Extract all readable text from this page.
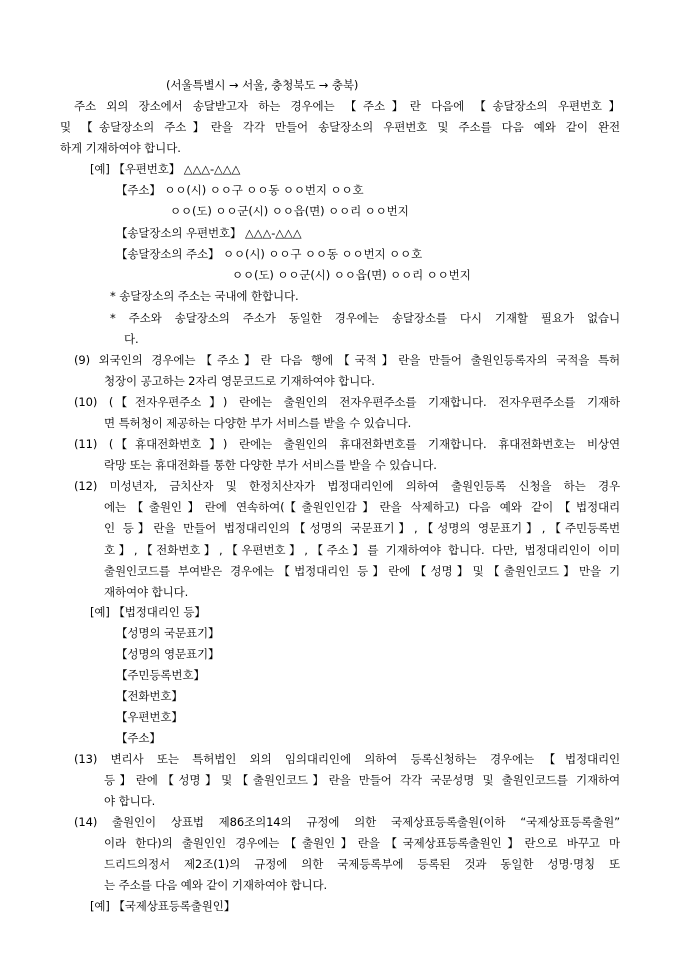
(서울특별시 → 서울, 충청북도 → 충북)
주소 외의 장소에서 송달받고자 하는 경우에는 【주소】란 다음에 【송달장소의 우편번호】
및 【송달장소의 주소】란을 각각 만들어 송달장소의 우편번호 및 주소를 다음 예와 같이 완전
하게 기재하여야 합니다.
[예] 【우편번호】 △△△-△△△
【주소】 ㅇㅇ(시) ㅇㅇ구 ㅇㅇ동 ㅇㅇ번지 ㅇㅇ호
ㅇㅇ(도) ㅇㅇ군(시) ㅇㅇ읍(면) ㅇㅇ리 ㅇㅇ번지
【송달장소의 우편번호】 △△△-△△△
【송달장소의 주소】 ㅇㅇ(시) ㅇㅇ구 ㅇㅇ동 ㅇㅇ번지 ㅇㅇ호
ㅇㅇ(도) ㅇㅇ군(시) ㅇㅇ읍(면) ㅇㅇ리 ㅇㅇ번지
* 송달장소의 주소는 국내에 한합니다.
* 주소와 송달장소의 주소가 동일한 경우에는 송달장소를 다시 기재할 필요가 없습니
다.
(9) 외국인의 경우에는【주소】란 다음 행에【국적】란을 만들어 출원인등록자의 국적을 특허
청장이 공고하는 2자리 영문코드로 기재하여야 합니다.
(10) (【전자우편주소】) 란에는 출원인의 전자우편주소를 기재합니다. 전자우편주소를 기재하
면 특허청이 제공하는 다양한 부가 서비스를 받을 수 있습니다.
(11) (【휴대전화번호】) 란에는 출원인의 휴대전화번호를 기재합니다. 휴대전화번호는 비상연
락망 또는 휴대전화를 통한 다양한 부가 서비스를 받을 수 있습니다.
(12) 미성년자, 금치산자 및 한정치산자가 법정대리인에 의하여 출원인등록 신청을 하는 경우
에는【출원인】란에 연속하여(【출원인인감】란을 삭제하고) 다음 예와 같이【법정대리
인 등】란을 만들어 법정대리인의【성명의 국문표기】,【성명의 영문표기】,【주민등록번
호】,【전화번호】,【우편번호】,【주소】를 기재하여야 합니다. 다만, 법정대리인이 이미
출원인코드를 부여받은 경우에는【법정대리인 등】란에【성명】및【출원인코드】만을 기
재하여야 합니다.
[예] 【법정대리인 등】
【성명의 국문표기】
【성명의 영문표기】
【주민등록번호】
【전화번호】
【우편번호】
【주소】
(13) 변리사 또는 특허법인 외의 임의대리인에 의하여 등록신청하는 경우에는【법정대리인
등】란에【성명】및【출원인코드】란을 만들어 각각 국문성명 및 출원인코드를 기재하여
야 합니다.
(14) 출원인이 상표법 제86조의14의 규정에 의한 국제상표등록출원(이하 “국제상표등록출원”
이라 한다)의 출원인인 경우에는【출원인】란을【국제상표등록출원인】란으로 바꾸고 마
드리드의정서 제2조(1)의 규정에 의한 국제등록부에 등록된 것과 동일한 성명·명칭 또
는 주소를 다음 예와 같이 기재하여야 합니다.
[예] 【국제상표등록출원인】
